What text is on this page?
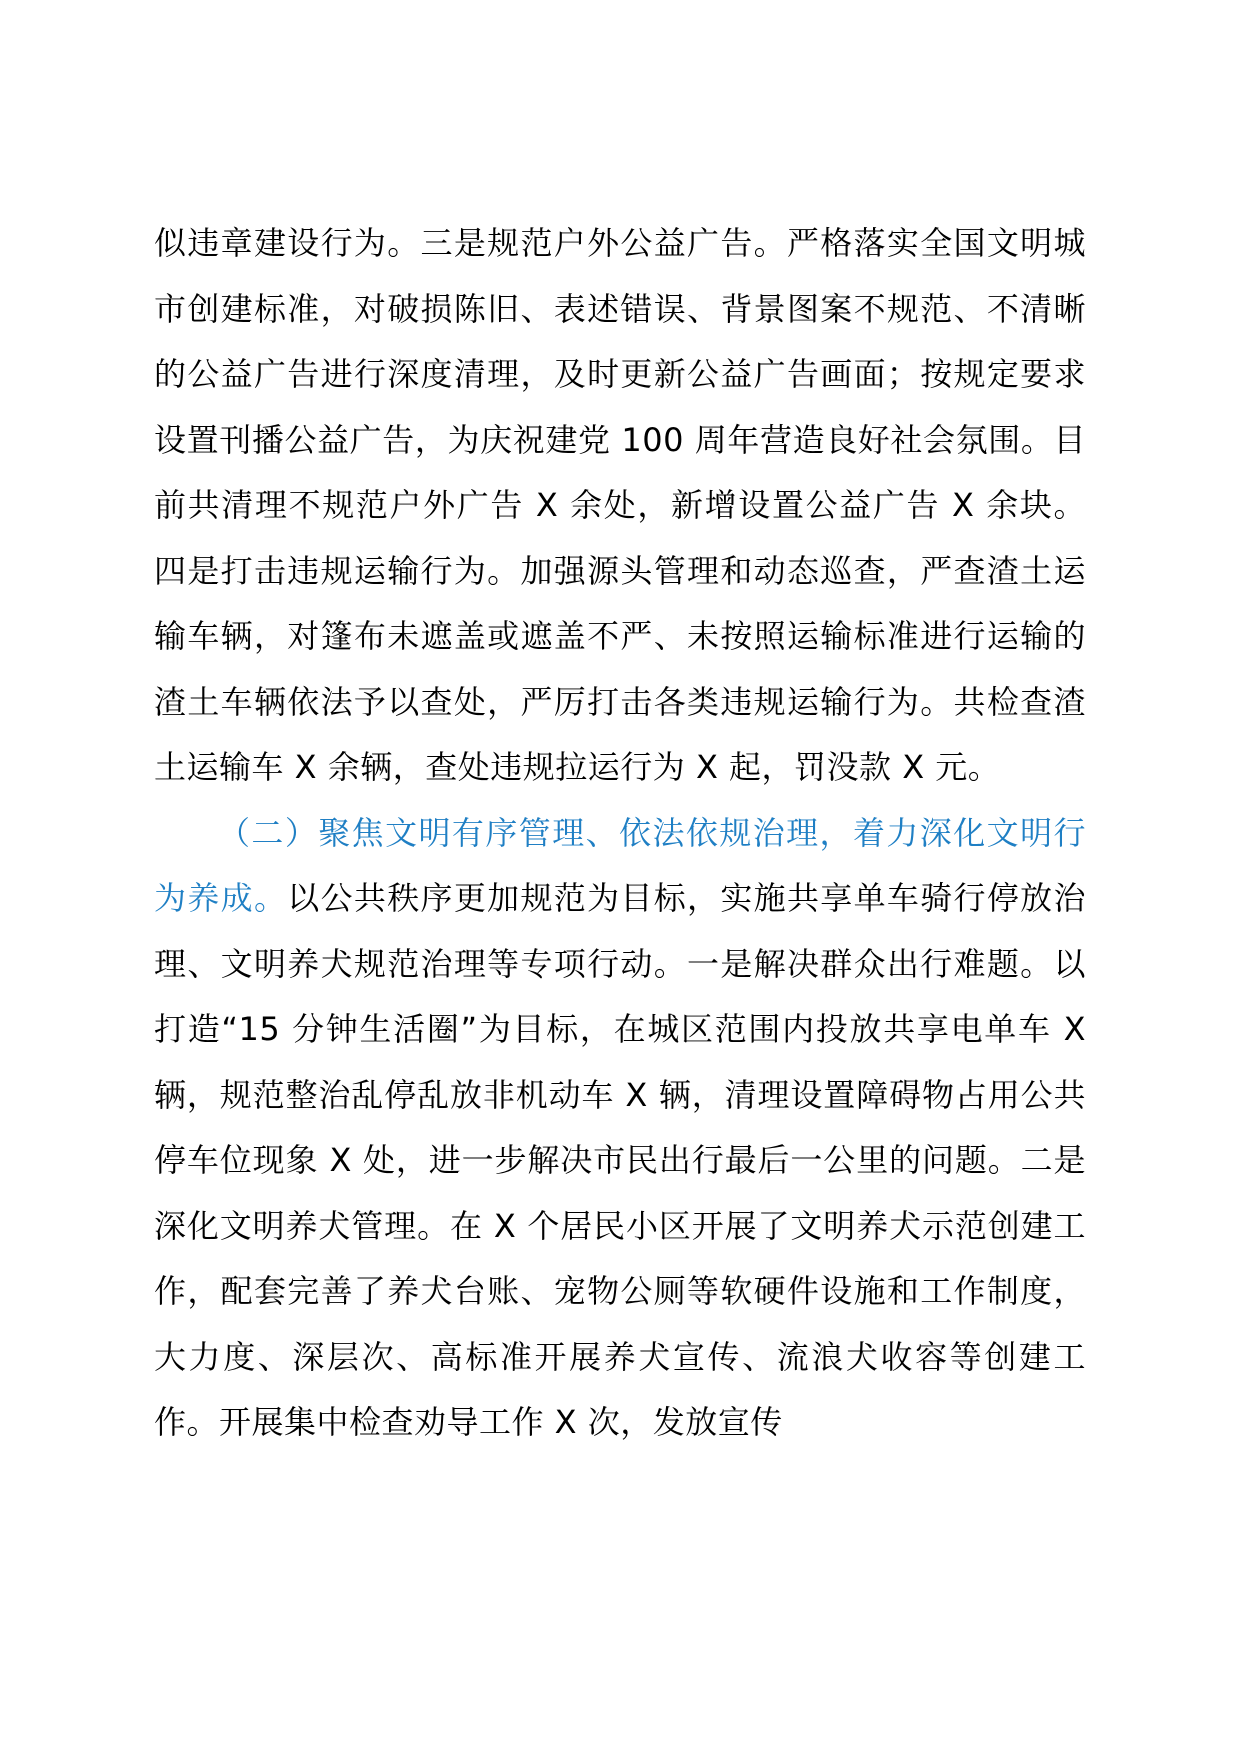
似违章建设行为。三是规范户外公益广告。严格落实全国文明城市创建标准，对破损陈旧、表述错误、背景图案不规范、不清晰的公益广告进行深度清理，及时更新公益广告画面；按规定要求设置刊播公益广告，为庆祝建党 100 周年营造良好社会氛围。目前共清理不规范户外广告 X 余处，新增设置公益广告 X 余块。四是打击违规运输行为。加强源头管理和动态巡查，严查渣土运输车辆，对篷布未遮盖或遮盖不严、未按照运输标准进行运输的渣土车辆依法予以查处，严厉打击各类违规运输行为。共检查渣土运输车 X 余辆，查处违规拉运行为 X 起，罚没款 X 元。

（二）聚焦文明有序管理、依法依规治理，着力深化文明行为养成。以公共秩序更加规范为目标，实施共享单车骑行停放治理、文明养犬规范治理等专项行动。一是解决群众出行难题。以打造“15 分钟生活圈”为目标，在城区范围内投放共享电单车 X 辆，规范整治乱停乱放非机动车 X 辆，清理设置障碍物占用公共停车位现象 X 处，进一步解决市民出行最后一公里的问题。二是深化文明养犬管理。在 X 个居民小区开展了文明养犬示范创建工作，配套完善了养犬台账、宠物公厕等软硬件设施和工作制度，大力度、深层次、高标准开展养犬宣传、流浪犬收容等创建工作。开展集中检查劝导工作 X 次，发放宣传
